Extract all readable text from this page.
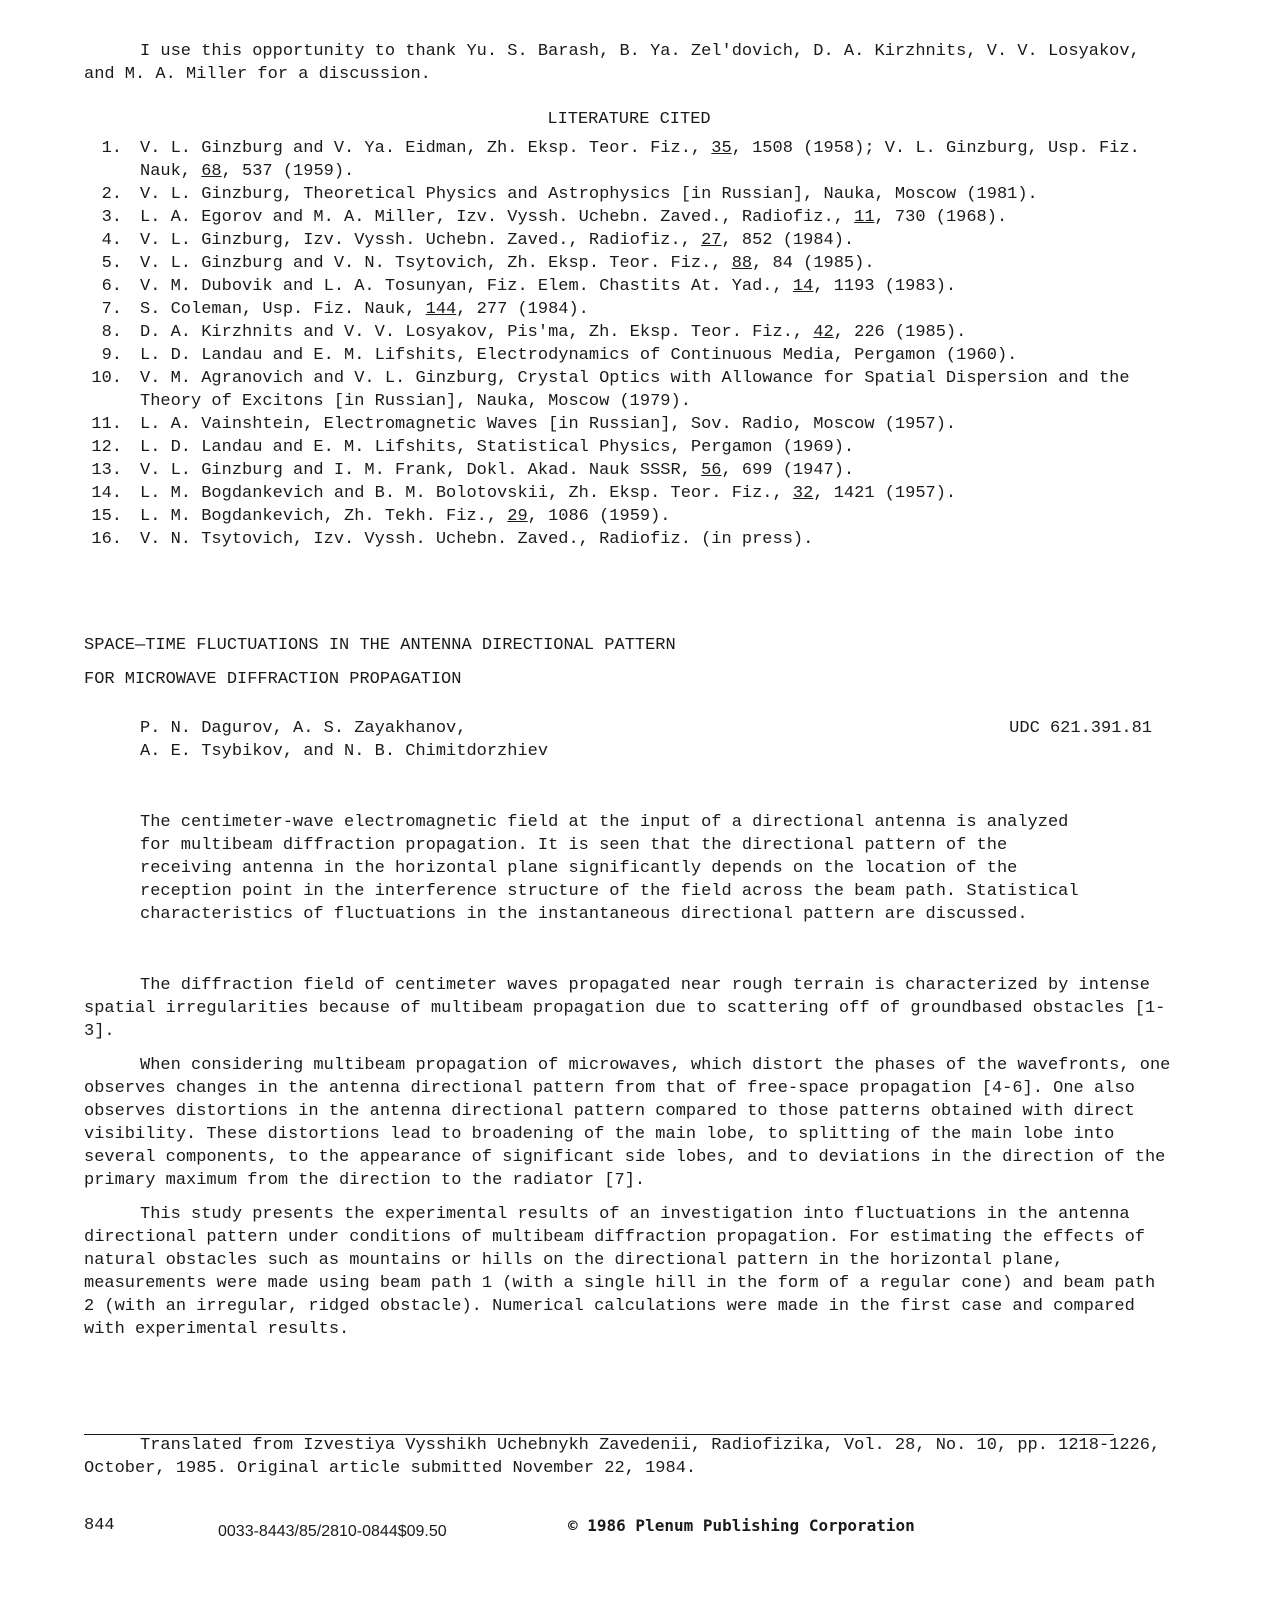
I use this opportunity to thank Yu. S. Barash, B. Ya. Zel'dovich, D. A. Kirzhnits, V. V. Losyakov, and M. A. Miller for a discussion.

LITERATURE CITED

1. V. L. Ginzburg and V. Ya. Eidman, Zh. Eksp. Teor. Fiz., 35, 1508 (1958); V. L. Ginzburg, Usp. Fiz. Nauk, 68, 537 (1959).
2. V. L. Ginzburg, Theoretical Physics and Astrophysics [in Russian], Nauka, Moscow (1981).
3. L. A. Egorov and M. A. Miller, Izv. Vyssh. Uchebn. Zaved., Radiofiz., 11, 730 (1968).
4. V. L. Ginzburg, Izv. Vyssh. Uchebn. Zaved., Radiofiz., 27, 852 (1984).
5. V. L. Ginzburg and V. N. Tsytovich, Zh. Eksp. Teor. Fiz., 88, 84 (1985).
6. V. M. Dubovik and L. A. Tosunyan, Fiz. Elem. Chastits At. Yad., 14, 1193 (1983).
7. S. Coleman, Usp. Fiz. Nauk, 144, 277 (1984).
8. D. A. Kirzhnits and V. V. Losyakov, Pis'ma, Zh. Eksp. Teor. Fiz., 42, 226 (1985).
9. L. D. Landau and E. M. Lifshits, Electrodynamics of Continuous Media, Pergamon (1960).
10. V. M. Agranovich and V. L. Ginzburg, Crystal Optics with Allowance for Spatial Dispersion and the Theory of Excitons [in Russian], Nauka, Moscow (1979).
11. L. A. Vainshtein, Electromagnetic Waves [in Russian], Sov. Radio, Moscow (1957).
12. L. D. Landau and E. M. Lifshits, Statistical Physics, Pergamon (1969).
13. V. L. Ginzburg and I. M. Frank, Dokl. Akad. Nauk SSSR, 56, 699 (1947).
14. L. M. Bogdankevich and B. M. Bolotovskii, Zh. Eksp. Teor. Fiz., 32, 1421 (1957).
15. L. M. Bogdankevich, Zh. Tekh. Fiz., 29, 1086 (1959).
16. V. N. Tsytovich, Izv. Vyssh. Uchebn. Zaved., Radiofiz. (in press).

SPACE—TIME FLUCTUATIONS IN THE ANTENNA DIRECTIONAL PATTERN

FOR MICROWAVE DIFFRACTION PROPAGATION

P. N. Dagurov, A. S. Zayakhanov,

A. E. Tsybikov, and N. B. Chimitdorzhiev

UDC 621.391.81

The centimeter-wave electromagnetic field at the input of a directional antenna is analyzed for multibeam diffraction propagation. It is seen that the directional pattern of the receiving antenna in the horizontal plane significantly depends on the location of the reception point in the interference structure of the field across the beam path. Statistical characteristics of fluctuations in the instantaneous directional pattern are discussed.

The diffraction field of centimeter waves propagated near rough terrain is characterized by intense spatial irregularities because of multibeam propagation due to scattering off of groundbased obstacles [1-3].

When considering multibeam propagation of microwaves, which distort the phases of the wavefronts, one observes changes in the antenna directional pattern from that of free-space propagation [4-6]. One also observes distortions in the antenna directional pattern compared to those patterns obtained with direct visibility. These distortions lead to broadening of the main lobe, to splitting of the main lobe into several components, to the appearance of significant side lobes, and to deviations in the direction of the primary maximum from the direction to the radiator [7].

This study presents the experimental results of an investigation into fluctuations in the antenna directional pattern under conditions of multibeam diffraction propagation. For estimating the effects of natural obstacles such as mountains or hills on the directional pattern in the horizontal plane, measurements were made using beam path 1 (with a single hill in the form of a regular cone) and beam path 2 (with an irregular, ridged obstacle). Numerical calculations were made in the first case and compared with experimental results.

Translated from Izvestiya Vysshikh Uchebnykh Zavedenii, Radiofizika, Vol. 28, No. 10, pp. 1218-1226, October, 1985. Original article submitted November 22, 1984.

844	0033-8443/85/2810-0844$09.50	© 1986 Plenum Publishing Corporation
